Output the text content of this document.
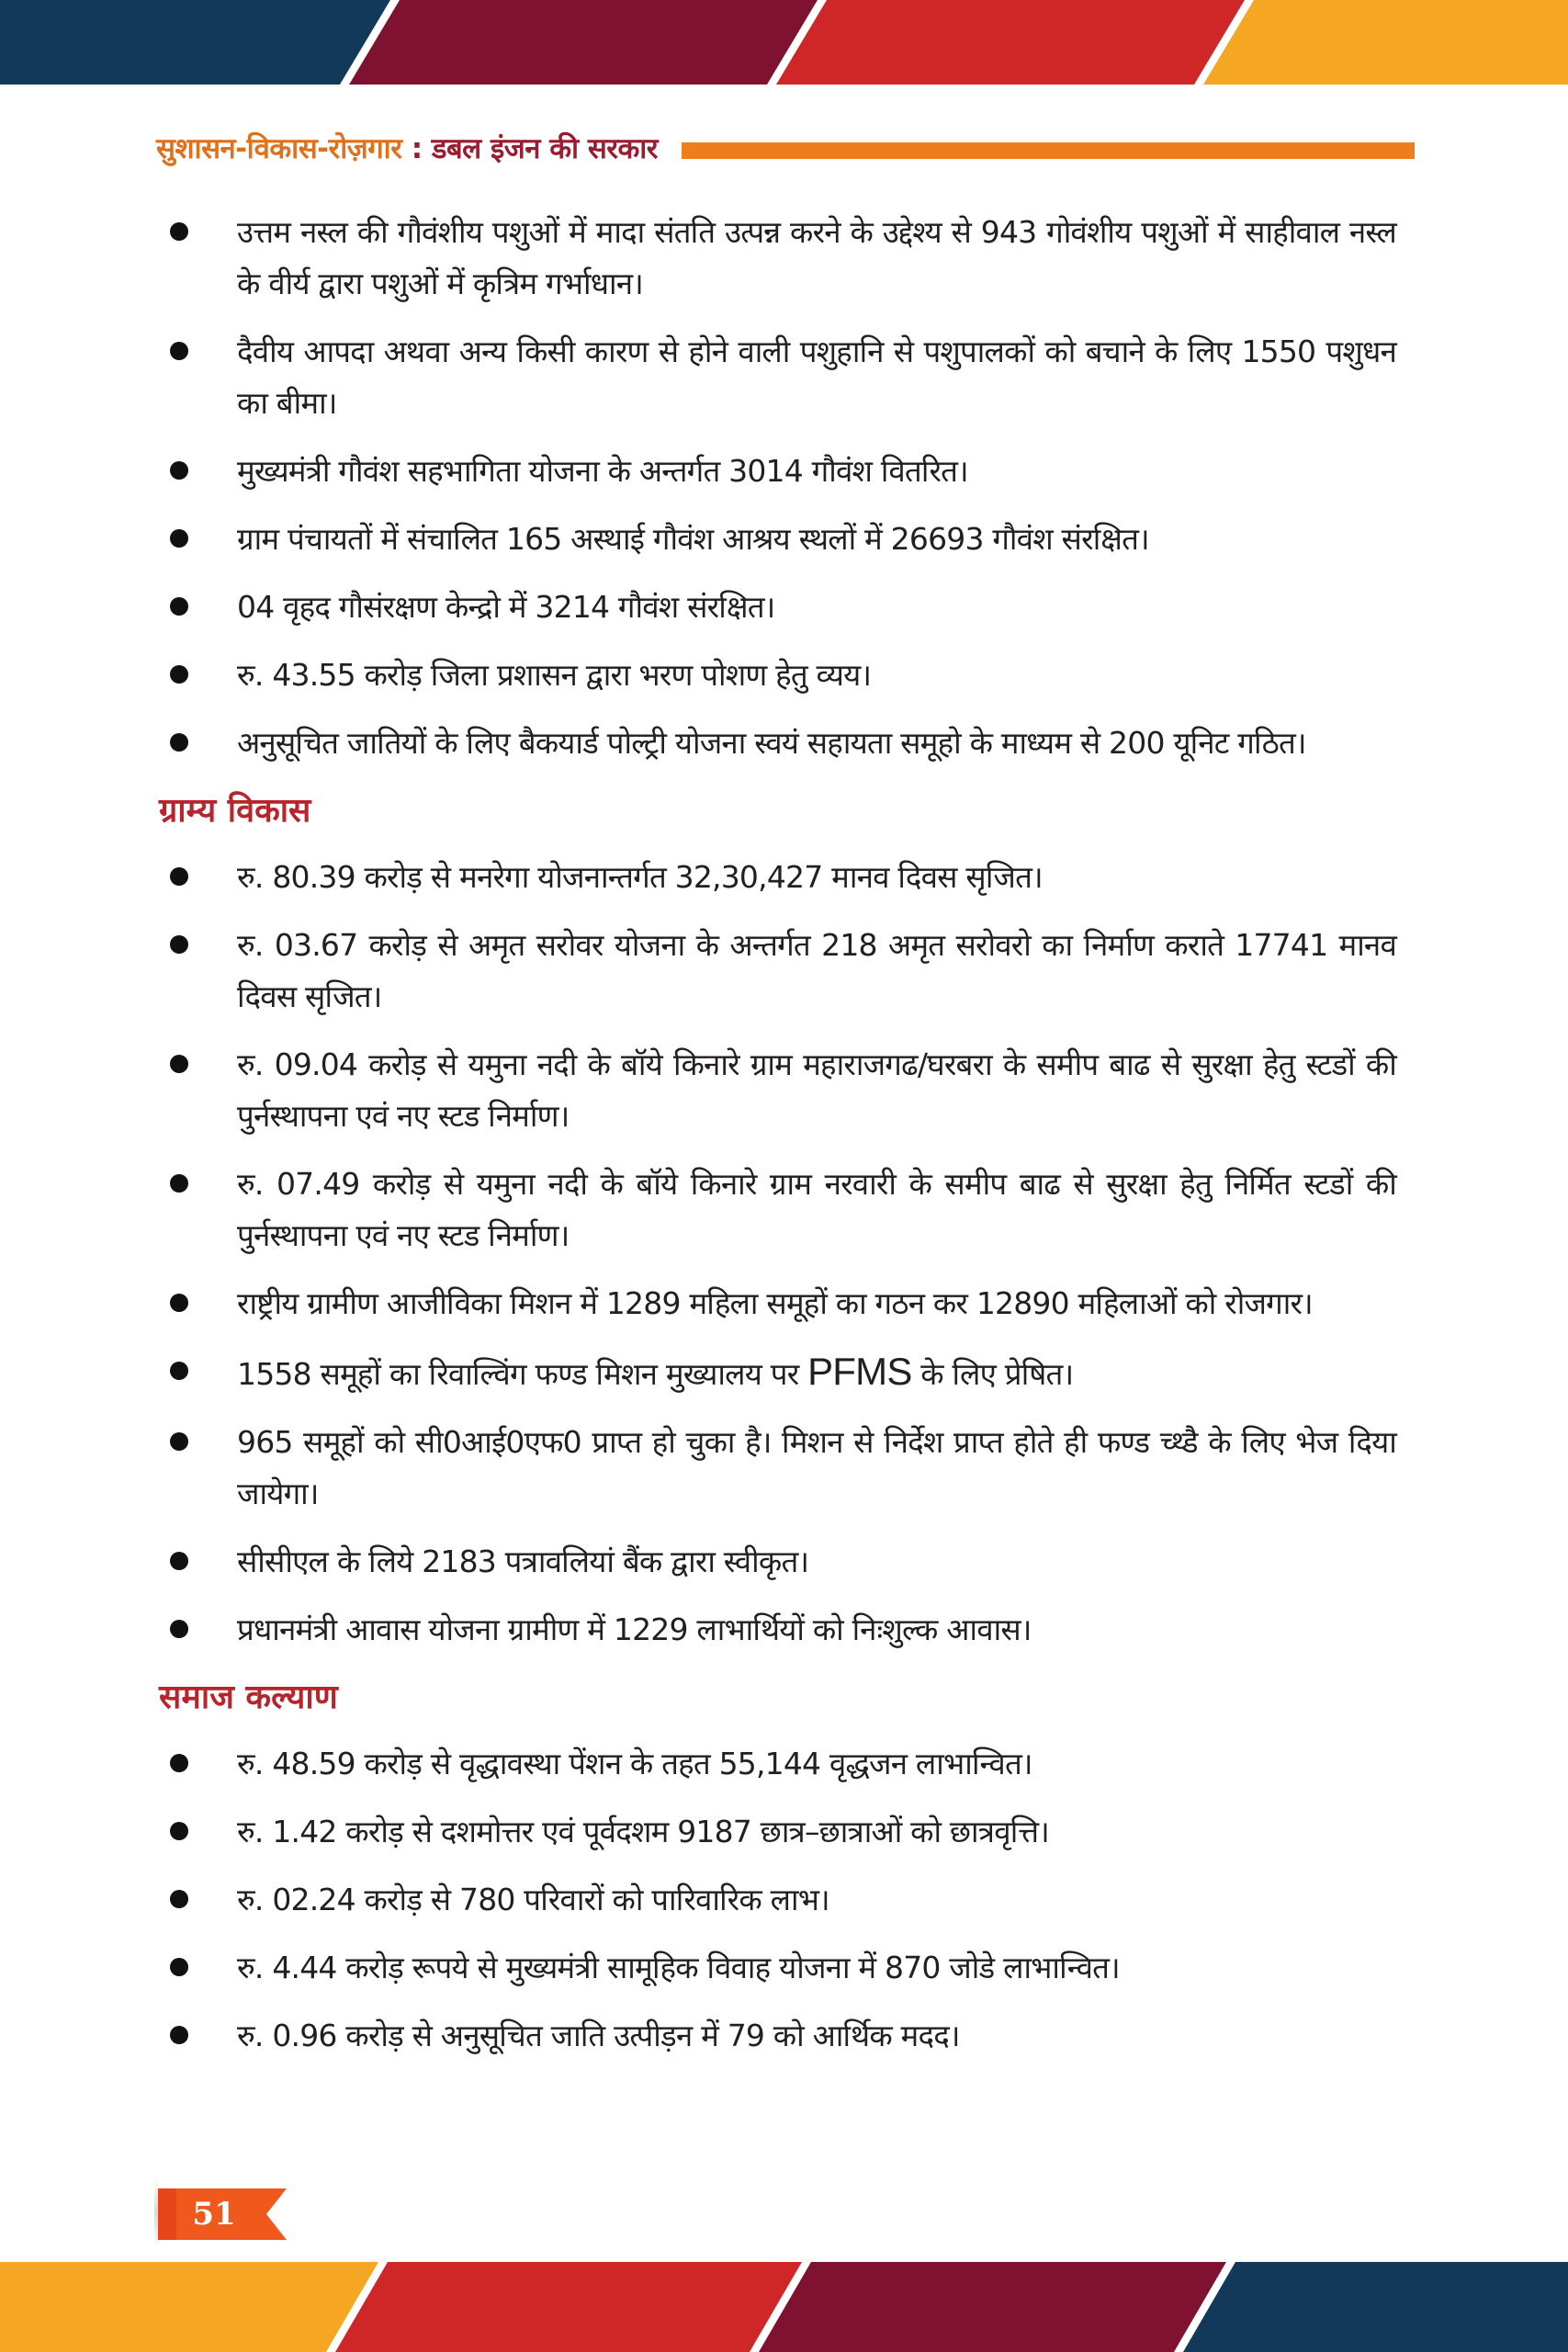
सुशासन-विकास-रोज़गार : डबल इंजन की सरकार
उत्तम नस्ल की गौवंशीय पशुओं में मादा संतति उत्पन्न करने के उद्देश्य से 943 गोवंशीय पशुओं में साहीवाल नस्ल के वीर्य द्वारा पशुओं में कृत्रिम गर्भाधान।
दैवीय आपदा अथवा अन्य किसी कारण से होने वाली पशुहानि से पशुपालकों को बचाने के लिए 1550 पशुधन का बीमा।
मुख्यमंत्री गौवंश सहभागिता योजना के अन्तर्गत 3014 गौवंश वितरित।
ग्राम पंचायतों में संचालित 165 अस्थाई गौवंश आश्रय स्थलों में 26693 गौवंश संरक्षित।
04 वृहद गौसंरक्षण केन्द्रो में 3214 गौवंश संरक्षित।
रु. 43.55 करोड़ जिला प्रशासन द्वारा भरण पोशण हेतु व्यय।
अनुसूचित जातियों के लिए बैकयार्ड पोल्ट्री योजना स्वयं सहायता समूहो के माध्यम से 200 यूनिट गठित।
ग्राम्य विकास
रु. 80.39 करोड़ से मनरेगा योजनान्तर्गत 32,30,427 मानव दिवस सृजित।
रु. 03.67 करोड़ से अमृत सरोवर योजना के अन्तर्गत 218 अमृत सरोवरो का निर्माण कराते 17741 मानव दिवस सृजित।
रु. 09.04 करोड़ से यमुना नदी के बॉये किनारे ग्राम महाराजगढ/घरबरा के समीप बाढ से सुरक्षा हेतु स्टडों की पुर्नस्थापना एवं नए स्टड निर्माण।
रु. 07.49 करोड़ से यमुना नदी के बॉये किनारे ग्राम नरवारी के समीप बाढ से सुरक्षा हेतु निर्मित स्टडों की पुर्नस्थापना एवं नए स्टड निर्माण।
राष्ट्रीय ग्रामीण आजीविका मिशन में 1289 महिला समूहों का गठन कर 12890 महिलाओं को रोजगार।
1558 समूहों का रिवाल्विंग फण्ड मिशन मुख्यालय पर PFMS के लिए प्रेषित।
965 समूहों को सी0आई0एफ0 प्राप्त हो चुका है। मिशन से निर्देश प्राप्त होते ही फण्ड च्थ्डैै के लिए भेज दिया जायेगा।
सीसीएल के लिये 2183 पत्रावलियां बैंक द्वारा स्वीकृत।
प्रधानमंत्री आवास योजना ग्रामीण में 1229 लाभार्थियों को निःशुल्क आवास।
समाज कल्याण
रु. 48.59 करोड़ से वृद्धावस्था पेंशन के तहत 55,144 वृद्धजन लाभान्वित।
रु. 1.42 करोड़ से दशमोत्तर एवं पूर्वदशम 9187 छात्र–छात्राओं को छात्रवृत्ति।
रु. 02.24 करोड़ से 780 परिवारों को पारिवारिक लाभ।
रु. 4.44 करोड़ रूपये से मुख्यमंत्री सामूहिक विवाह योजना में 870 जोडे लाभान्वित।
रु. 0.96 करोड़ से अनुसूचित जाति उत्पीड़न में 79 को आर्थिक मदद।
51
